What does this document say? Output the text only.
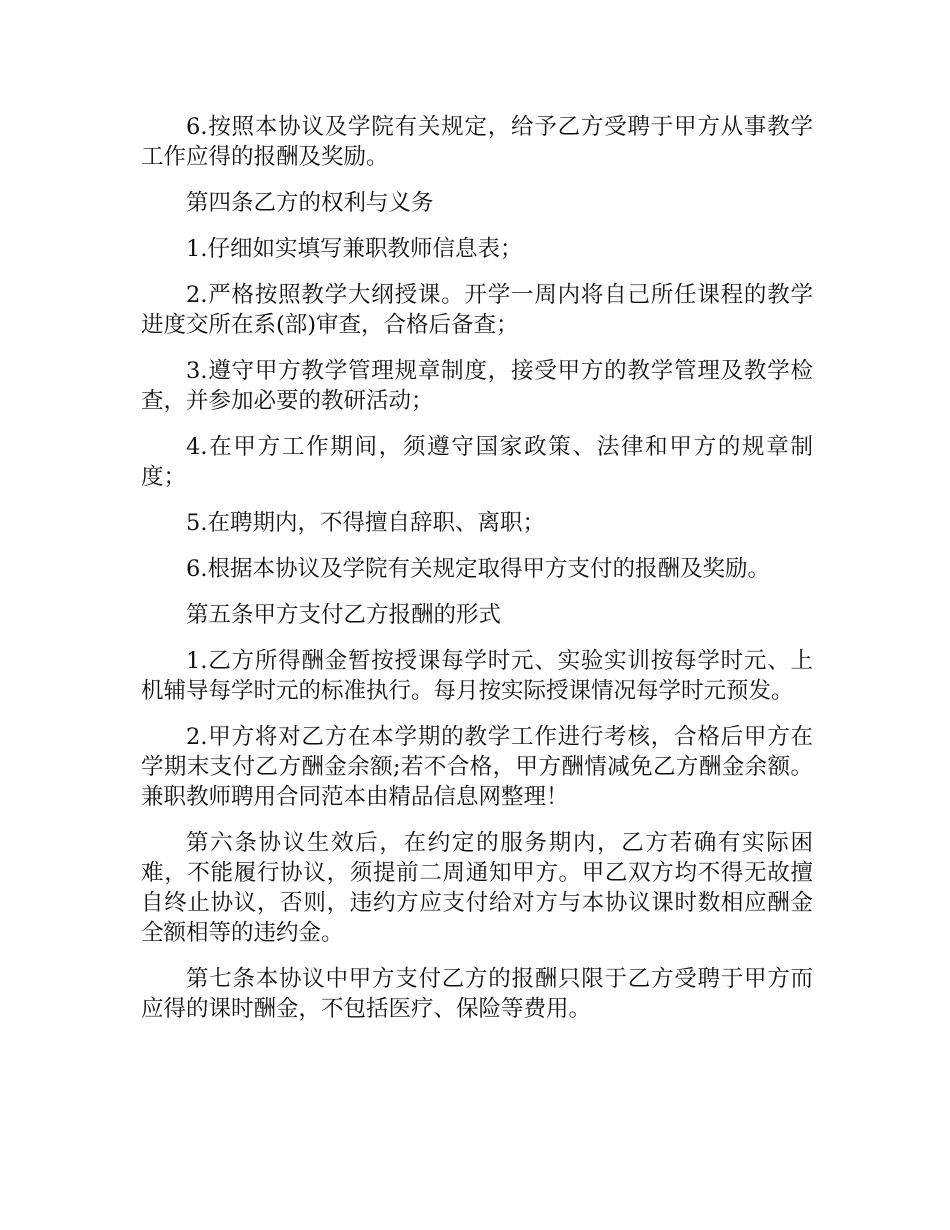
6.按照本协议及学院有关规定，给予乙方受聘于甲方从事教学工作应得的报酬及奖励。

第四条乙方的权利与义务

1.仔细如实填写兼职教师信息表；

2.严格按照教学大纲授课。开学一周内将自己所任课程的教学进度交所在系(部)审查，合格后备查；

3.遵守甲方教学管理规章制度，接受甲方的教学管理及教学检查，并参加必要的教研活动；

4.在甲方工作期间，须遵守国家政策、法律和甲方的规章制度；

5.在聘期内，不得擅自辞职、离职；

6.根据本协议及学院有关规定取得甲方支付的报酬及奖励。

第五条甲方支付乙方报酬的形式

1.乙方所得酬金暂按授课每学时元、实验实训按每学时元、上机辅导每学时元的标准执行。每月按实际授课情况每学时元预发。

2.甲方将对乙方在本学期的教学工作进行考核，合格后甲方在学期末支付乙方酬金余额;若不合格，甲方酬情减免乙方酬金余额。兼职教师聘用合同范本由精品信息网整理！

第六条协议生效后，在约定的服务期内，乙方若确有实际困难，不能履行协议，须提前二周通知甲方。甲乙双方均不得无故擅自终止协议，否则，违约方应支付给对方与本协议课时数相应酬金全额相等的违约金。

第七条本协议中甲方支付乙方的报酬只限于乙方受聘于甲方而应得的课时酬金，不包括医疗、保险等费用。
